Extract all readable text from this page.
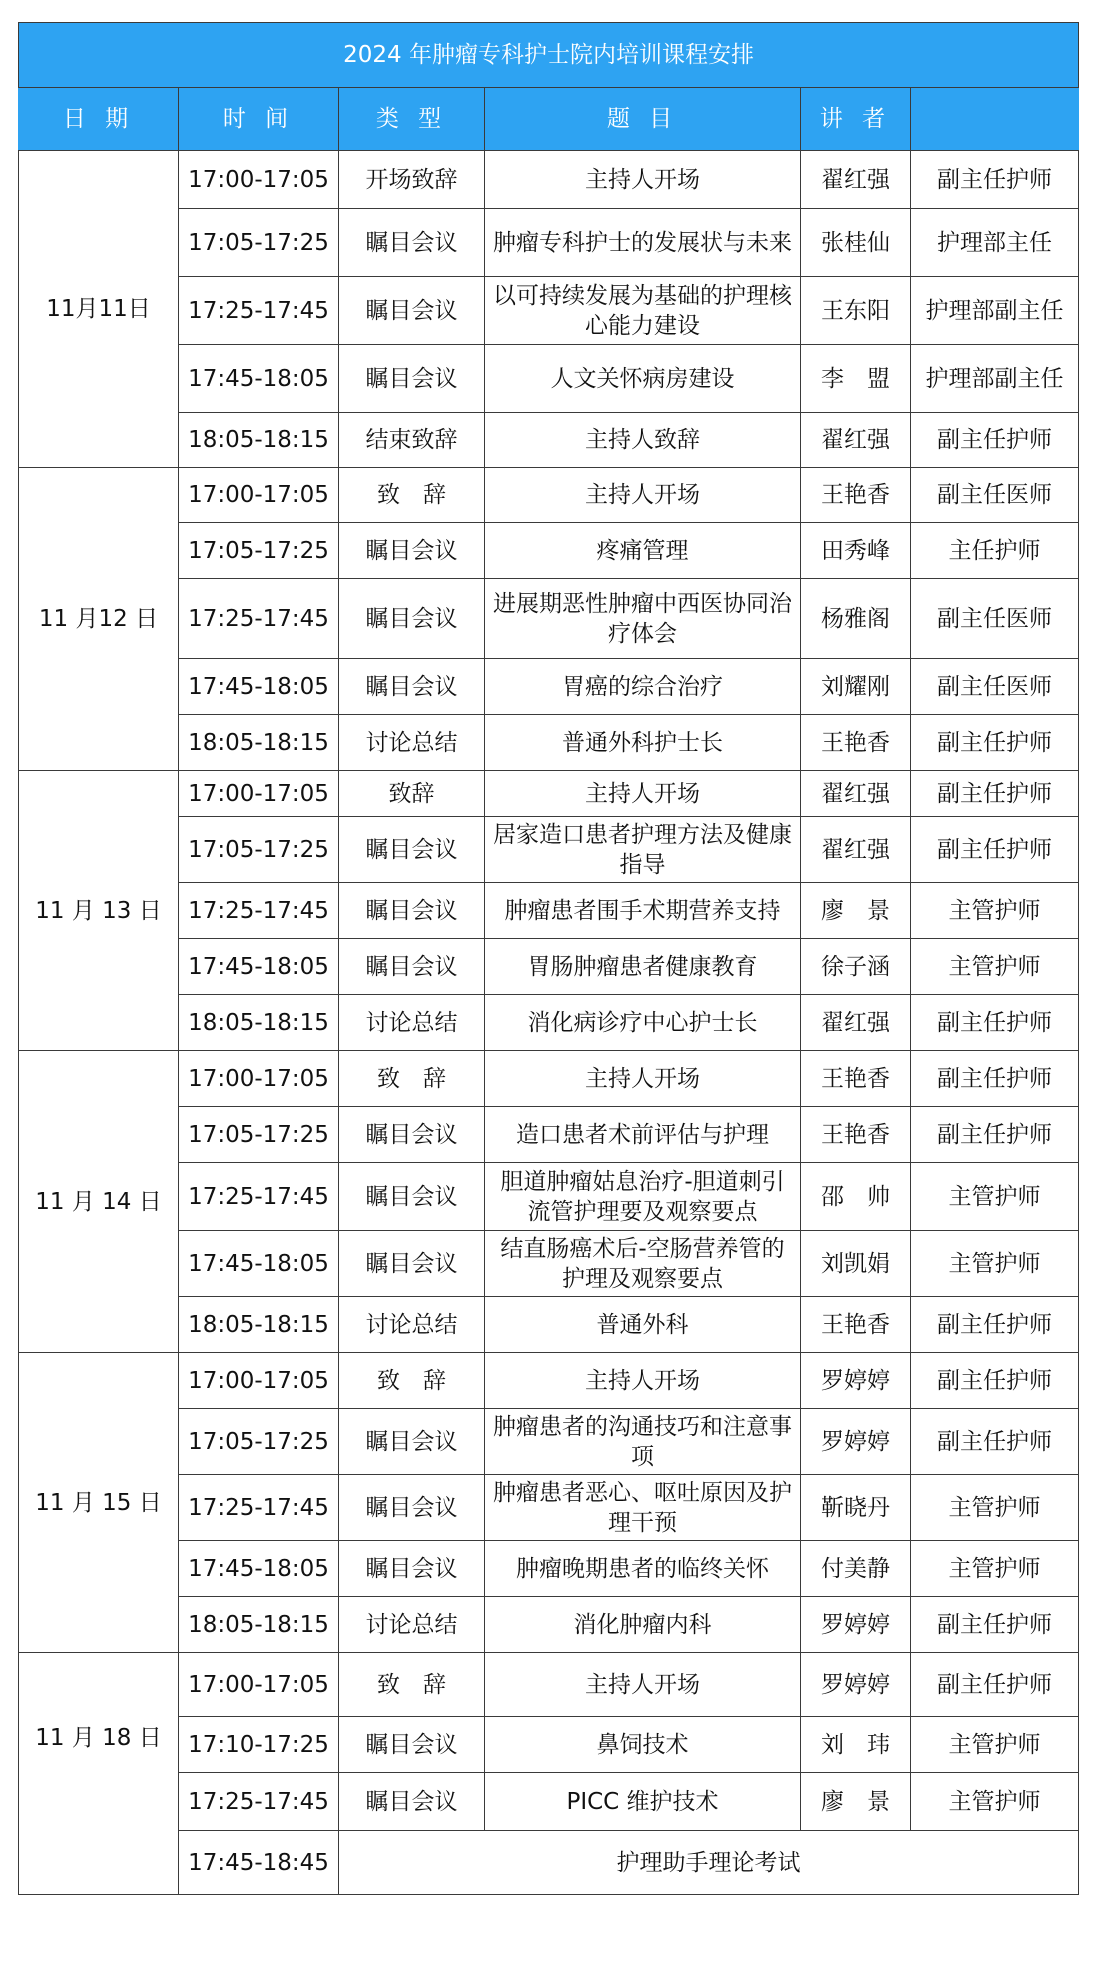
2024 年肿瘤专科护士院内培训课程安排					
日 期	时 间	类 型	题 目	讲 者	
11月11日	17:00-17:05	开场致辞	主持人开场	翟红强	副主任护师
	17:05-17:25	瞩目会议	肿瘤专科护士的发展状与未来	张桂仙	护理部主任
	17:25-17:45	瞩目会议	以可持续发展为基础的护理核心能力建设	王东阳	护理部副主任
	17:45-18:05	瞩目会议	人文关怀病房建设	李　盟	护理部副主任
	18:05-18:15	结束致辞	主持人致辞	翟红强	副主任护师
11 月12 日	17:00-17:05	致　辞	主持人开场	王艳香	副主任医师
	17:05-17:25	瞩目会议	疼痛管理	田秀峰	主任护师
	17:25-17:45	瞩目会议	进展期恶性肿瘤中西医协同治疗体会	杨雅阁	副主任医师
	17:45-18:05	瞩目会议	胃癌的综合治疗	刘耀刚	副主任医师
	18:05-18:15	讨论总结	普通外科护士长	王艳香	副主任护师
11 月 13 日	17:00-17:05	致辞	主持人开场	翟红强	副主任护师
	17:05-17:25	瞩目会议	居家造口患者护理方法及健康指导	翟红强	副主任护师
	17:25-17:45	瞩目会议	肿瘤患者围手术期营养支持	廖　景	主管护师
	17:45-18:05	瞩目会议	胃肠肿瘤患者健康教育	徐子涵	主管护师
	18:05-18:15	讨论总结	消化病诊疗中心护士长	翟红强	副主任护师
11 月 14 日	17:00-17:05	致　辞	主持人开场	王艳香	副主任护师
	17:05-17:25	瞩目会议	造口患者术前评估与护理	王艳香	副主任护师
	17:25-17:45	瞩目会议	胆道肿瘤姑息治疗-胆道刺引流管护理要及观察要点	邵　帅	主管护师
	17:45-18:05	瞩目会议	结直肠癌术后-空肠营养管的护理及观察要点	刘凯娟	主管护师
	18:05-18:15	讨论总结	普通外科	王艳香	副主任护师
11 月 15 日	17:00-17:05	致　辞	主持人开场	罗婷婷	副主任护师
	17:05-17:25	瞩目会议	肿瘤患者的沟通技巧和注意事项	罗婷婷	副主任护师
	17:25-17:45	瞩目会议	肿瘤患者恶心、呕吐原因及护理干预	靳晓丹	主管护师
	17:45-18:05	瞩目会议	肿瘤晚期患者的临终关怀	付美静	主管护师
	18:05-18:15	讨论总结	消化肿瘤内科	罗婷婷	副主任护师
11 月 18 日	17:00-17:05	致　辞	主持人开场	罗婷婷	副主任护师
	17:10-17:25	瞩目会议	鼻饲技术	刘　玮	主管护师
	17:25-17:45	瞩目会议	PICC 维护技术	廖　景	主管护师
	17:45-18:45	护理助手理论考试			
